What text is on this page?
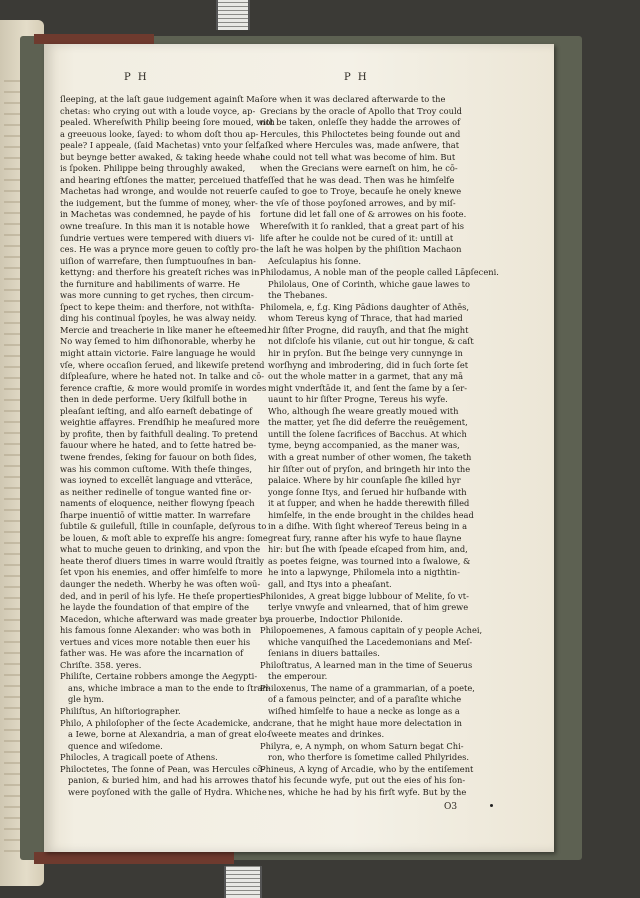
P H	P H

ſleeping, at the laſt gaue iudgement againſt Ma-

chetas: who crying out with a loude voyce, ap-

pealed. Whereſwith Philip beeing ſore moued, with

a greeuous looke, ſayed: to whom doſt thou ap-

peale? I appeale, (ſaid Machetas) vnto your ſelf,

but beynge better awaked, & taking heede what

is ſpoken. Philippe being throughly awaked,

and hearing eftſones the matter, perceiued that

Machetas had wronge, and woulde not reuerſe

the iudgement, but the ſumme of money, wher-

in Machetas was condemned, he payde of his

owne treaſure. In this man it is notable howe

ſundrie vertues were tempered with diuers vi-

ces. He was a prynce more geuen to coſtly pro-

uiſion of warrefare, then ſumptuouſnes in ban-

kettyng: and therfore his greateſt riches was in

the furniture and habiliments of warre. He

was more cunning to get ryches, then circum-

ſpect to kepe theim: and therfore, not withſta-

ding his continual ſpoyles, he was alway neidy.

Mercie and treacherie in like maner he eſteemed.

No way ſemed to him diſhonorable, wherby he

might attain victorie. Faire language he would

vſe, where occaſion ſerued, and likewiſe pretend

diſpleaſure, where he hated not. In talke and cō-

ference craftie, & more would promiſe in wordes

then in dede performe. Uery ſkilfull bothe in

pleaſant ieſting, and alſo earneſt debatinge of

weightie affayres. Frendſhip he meaſured more

by profite, then by faithfull dealing. To pretend

fauour where he hated, and to ſette hatred be-

twene frendes, ſeking for fauour on both ſides,

was his common cuſtome. With theſe thinges,

was ioyned to excellēt language and vtterāce,

as neither redinelle of tongue wanted fine or-

naments of eloquence, neither flowyng ſpeach

ſharpe inuentiō of wittie matter. In warrefare

ſubtile & guilefull, ſtille in counſaple, deſyrous to

be louen, & moſt able to expreſſe his angre: ſome

what to muche geuen to drinking, and vpon the

heate therof diuers times in warre would ſtraitly

ſet vpon his enemies, and offer himſelfe to more

daunger the nedeth. Wherby he was often woū-

ded, and in peril of his lyfe. He theſe properties

he layde the foundation of that empire of the

Macedon, whiche afterward was made greater by

his famous ſonne Alexander: who was both in

vertues and vices more notable then euer his

father was. He was afore the incarnation of

Chriſte. 358. yeres.

Philiſte, Certaine robbers amonge the Aegypti-

ans, whiche imbrace a man to the ende to ſtran-

gle hym.

Philiſtus, An hiſtoriographer.

Philo, A philoſopher of the ſecte Academicke, and

a Iewe, borne at Alexandria, a man of great elo-

quence and wiſedome.

Philocles, A tragicall poete of Athens.

Philoctetes, The ſonne of Pean, was Hercules cō-

panion, & buried him, and had his arrowes that

were poyſoned with the galle of Hydra. Whiche

ſore when it was declared afterwarde to the

Grecians by the oracle of Apollo that Troy could

not be taken, onleſſe they hadde the arrowes of

Hercules, this Philoctetes being founde out and

aſked where Hercules was, made anſwere, that

he could not tell what was become of him. But

when the Grecians were earneſt on him, he cō-

feſſed that he was dead. Then was he himſelfe

cauſed to goe to Troye, becauſe he onely knewe

the vſe of those poyſoned arrowes, and by miſ-

fortune did let fall one of & arrowes on his foote.

Whereſwith it ſo rankled, that a great part of his

life after he coulde not be cured of it: untill at

the laſt he was holpen by the phiſition Machaon

Aeſculapius his ſonne.

Philodamus, A noble man of the people called Lāpſeceni.

Philolaus, One of Corinth, whiche gaue lawes to

the Thebanes.

Philomela, e, f.g. King Pādions daughter of Athēs,

whom Tereus kyng of Thrace, that had maried

hir ſiſter Progne, did rauyſh, and that ſhe might

not diſcloſe his vilanie, cut out hir tongue, & caſt

hir in pryſon. But ſhe beinge very cunnynge in

worſhyng and imbrodering, did in ſuch ſorte ſet

out the whole matter in a garmet, that any mā

might vnderſtāde it, and ſent the ſame by a ſer-

uaunt to hir ſiſter Progne, Tereus his wyfe.

Who, although ſhe weare greatly moued with

the matter, yet ſhe did deferre the reuēgement,

untill the ſolene ſacrifices of Bacchus. At which

tyme, beyng accompanied, as the maner was,

with a great number of other women, ſhe taketh

hir ſiſter out of pryſon, and bringeth hir into the

palaice. Where by hir counſaple ſhe killed hyr

yonge ſonne Itys, and ſerued hir huſbande with

it at ſupper, and when he hadde therewith filled

himſelfe, in the ende brought in the childes head

in a diſhe. With ſight whereof Tereus being in a

great fury, ranne after his wyfe to haue ſlayne

hir: but ſhe with ſpeade eſcaped from him, and,

as poetes feigne, was tourned into a ſwalowe, &

he into a lapwynge, Philomela into a nigthtin-

gall, and Itys into a pheaſant.

Philonides, A great bigge lubbour of Melite, ſo vt-

terlye vnwyſe and vnlearned, that of him grewe

a prouerbe, Indoctior Philonide.

Philopoemenes, A famous capitain of y people Achei,

whiche vanquiſhed the Lacedemonians and Meſ-

ſenians in diuers battailes.

Philoſtratus, A learned man in the time of Seuerus

the emperour.

Philoxenus, The name of a grammarian, of a poete,

of a famous peincter, and of a paraſite whiche

wiſhed himſelfe to haue a necke as longe as a

crane, that he might haue more delectation in

ſweete meates and drinkes.

Philyra, e, A nymph, on whom Saturn begat Chi-

ron, who therfore is ſometime called Philyrides.

Phineus, A kyng of Arcadie, who by the entiſement

of his ſecunde wyfe, put out the eies of his ſon-

nes, whiche he had by his firſt wyfe. But by the

O3
